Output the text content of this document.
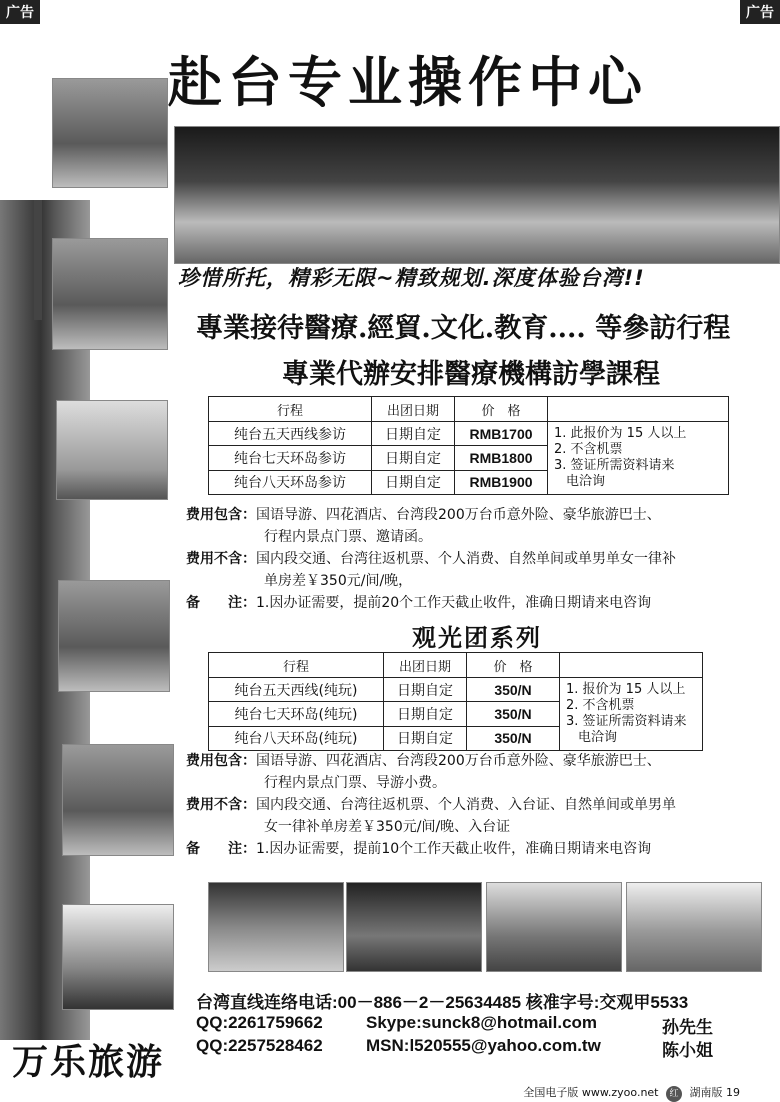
广告	广告
赴台专业操作中心
珍惜所托，精彩无限~精致规划.深度体验台湾!!
專業接待醫療.經貿.文化.教育.... 等參訪行程
專業代辦安排醫療機構訪學課程
行程	出团日期	价　格	
纯台五天西线参访	日期自定	RMB1700	1. 此报价为 15 人以上
2. 不含机票
3. 签证所需资料请来
电洽询

纯台七天环岛参访	日期自定	RMB1800	
纯台八天环岛参访	日期自定	RMB1900	
费用包含：国语导游、四花酒店、台湾段200万台币意外险、豪华旅游巴士、
行程内景点门票、邀请函。
费用不含：国内段交通、台湾往返机票、个人消费、自然单间或单男单女一律补
单房差￥350元/间/晚，
备　　注：1.因办证需要，提前20个工作天截止收件，准确日期请来电咨询
观光团系列
行程	出团日期	价　格	
纯台五天西线(纯玩)	日期自定	350/N	1. 报价为 15 人以上
2. 不含机票
3. 签证所需资料请来
电洽询

纯台七天环岛(纯玩)	日期自定	350/N	
纯台八天环岛(纯玩)	日期自定	350/N	
费用包含：国语导游、四花酒店、台湾段200万台币意外险、豪华旅游巴士、
行程内景点门票、导游小费。
费用不含：国内段交通、台湾往返机票、个人消费、入台证、自然单间或单男单
女一律补单房差￥350元/间/晚、入台证
备　　注：1.因办证需要，提前10个工作天截止收件，准确日期请来电咨询
台湾直线连络电话:00－886－2－25634485 核准字号:交观甲5533
QQ:2261759662	Skype:sunck8@hotmail.com	孙先生
QQ:2257528462	MSN:l520555@yahoo.com.tw	陈小姐
万乐旅游
全国电子版 www.zyoo.net 红 湖南版 19
